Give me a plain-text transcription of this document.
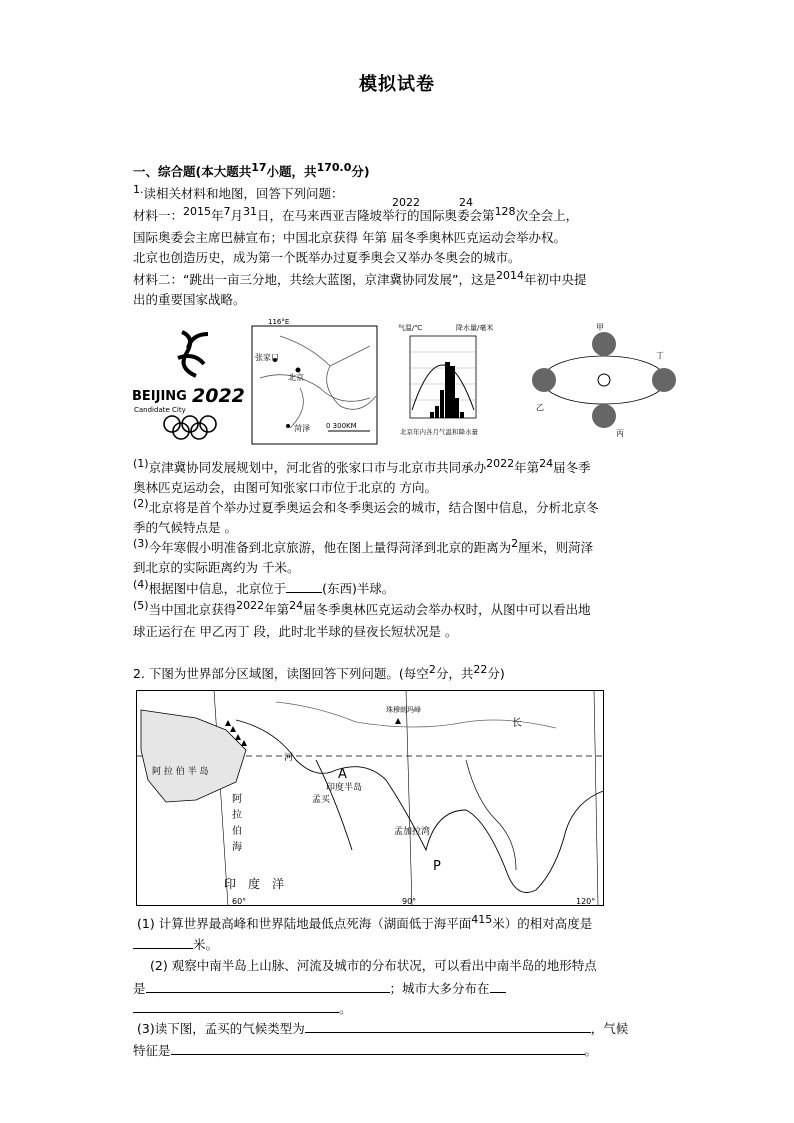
模拟试卷
一、综合题(本大题共17小题，共170.0分)
1.读相关材料和地图，回答下列问题：
材料一：2015年7月31日，在马来西亚吉隆坡举行的国际奥委会第128次全会上，
2022	24
国际奥委会主席巴赫宣布；中国北京获得 年第 届冬季奥林匹克运动会举办权。
北京也创造历史，成为第一个既举办过夏季奥会又举办冬奥会的城市。
材料二：“跳出一亩三分地，共绘大蓝图，京津冀协同发展”，这是2014年初中央提
出的重要国家战略。
BEIJING 2022
Candidate City
116°E
张家口
北京
菏泽 0 300KM
气温/℃	降水量/毫米
北京年内各月气温和降水量
甲
乙
丙
丁
(1)京津冀协同发展规划中，河北省的张家口市与北京市共同承办2022年第24届冬季
奥林匹克运动会，由图可知张家口市位于北京的 方向。
(2)北京将是首个举办过夏季奥运会和冬季奥运会的城市，结合图中信息，分析北京冬
季的气候特点是 。
(3)今年寒假小明准备到北京旅游，他在图上量得菏泽到北京的距离为2厘米，则菏泽
到北京的实际距离约为 千米。
(4)根据图中信息，北京位于	(东西)半球。
(5)当中国北京获得2022年第24届冬季奥林匹克运动会举办权时，从图中可以看出地
球正运行在 甲乙丙丁 段，此时北半球的昼夜长短状况是 。
2. 下图为世界部分区域图，读图回答下列问题。(每空2分，共22分)
珠穆朗玛峰
阿 拉 伯 半 岛
河
长
A
印度半岛
孟买
阿
拉
伯
海
孟加拉湾
P
印　度　洋
60°	90°	120°
(1) 计算世界最高峰和世界陆地最低点死海（湖面低于海平面415米）的相对高度是
米。
(2) 观察中南半岛上山脉、河流及城市的分布状况，可以看出中南半岛的地形特点
是	；城市大多分布在
。
(3)读下图，孟买的气候类型为	，气候
特征是	。
